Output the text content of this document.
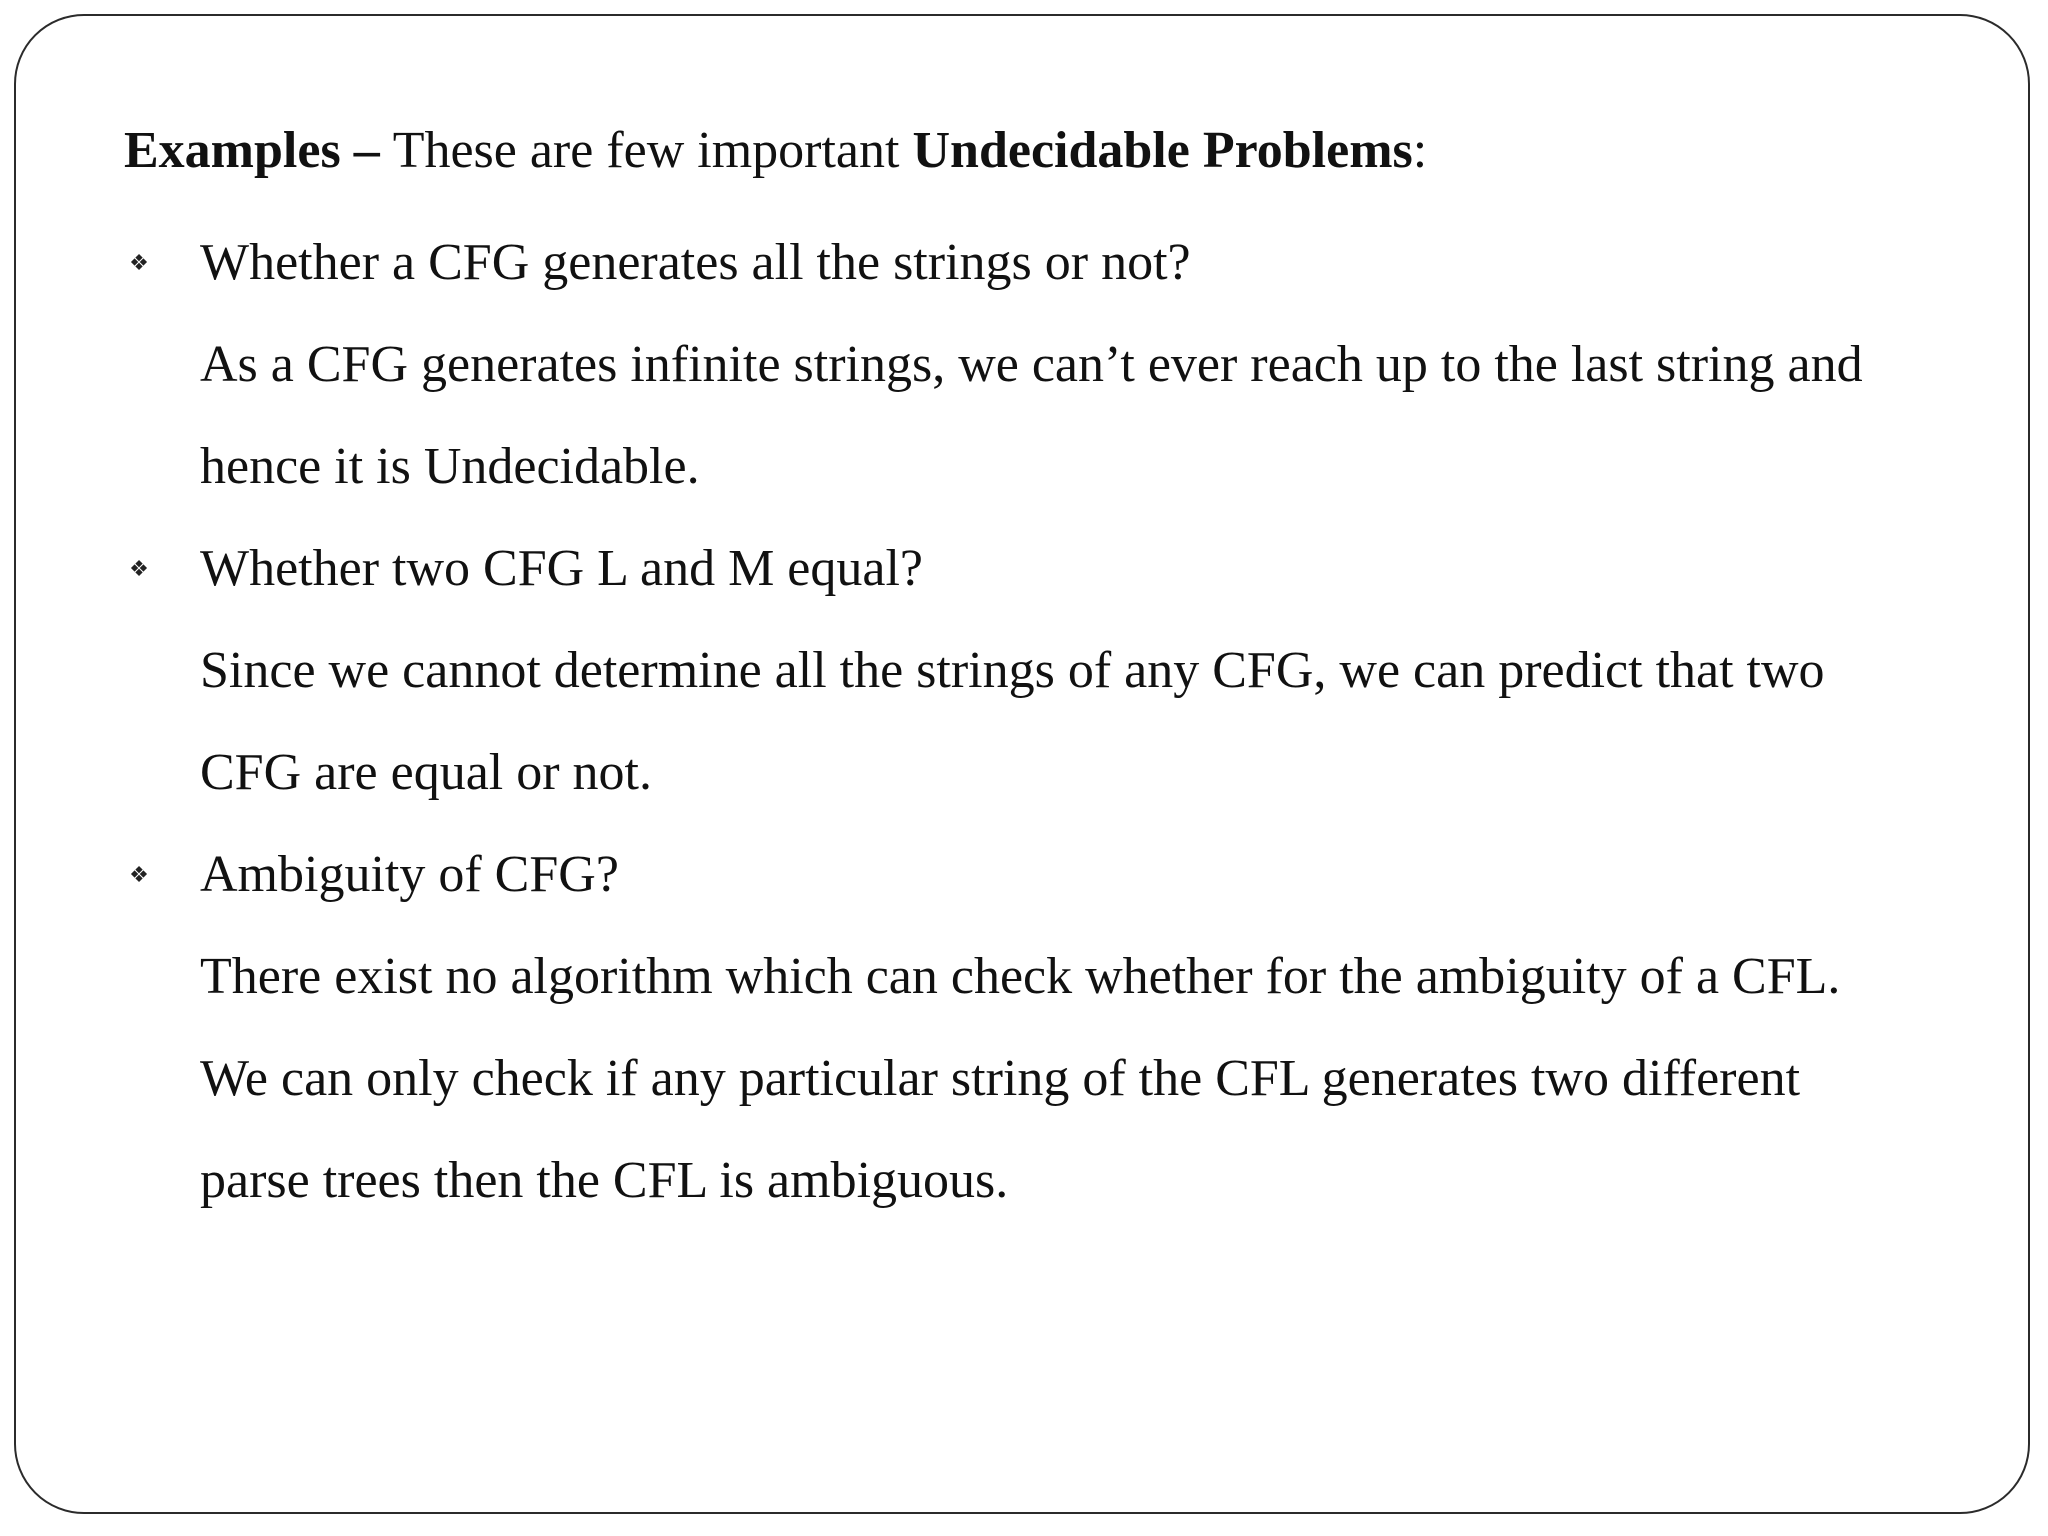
Examples – These are few important Undecidable Problems:
❖ Whether a CFG generates all the strings or not?
As a CFG generates infinite strings, we can’t ever reach up to the last string and
hence it is Undecidable.
❖ Whether two CFG L and M equal?
Since we cannot determine all the strings of any CFG, we can predict that two
CFG are equal or not.
❖ Ambiguity of CFG?
There exist no algorithm which can check whether for the ambiguity of a CFL.
We can only check if any particular string of the CFL generates two different
parse trees then the CFL is ambiguous.
